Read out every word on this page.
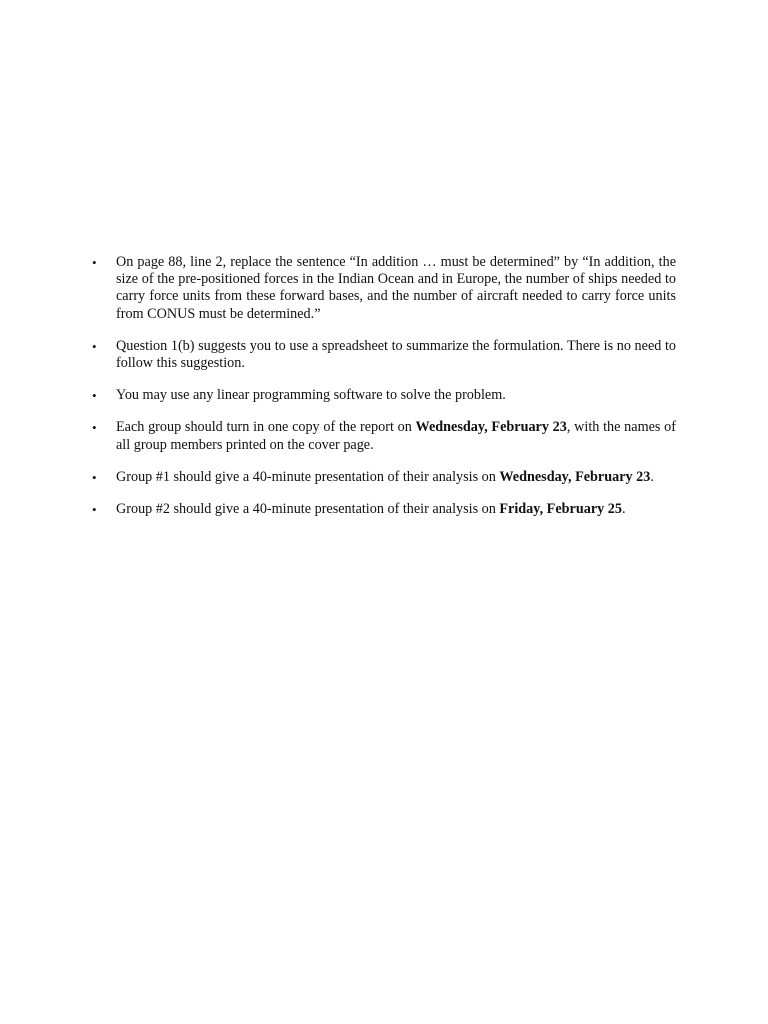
• On page 88, line 2, replace the sentence “In addition … must be determined” by “In addition, the size of the pre-positioned forces in the Indian Ocean and in Europe, the number of ships needed to carry force units from these forward bases, and the number of aircraft needed to carry force units from CONUS must be determined.”
• Question 1(b) suggests you to use a spreadsheet to summarize the formulation. There is no need to follow this suggestion.
• You may use any linear programming software to solve the problem.
• Each group should turn in one copy of the report on Wednesday, February 23, with the names of all group members printed on the cover page.
• Group #1 should give a 40-minute presentation of their analysis on Wednesday, February 23.
• Group #2 should give a 40-minute presentation of their analysis on Friday, February 25.
